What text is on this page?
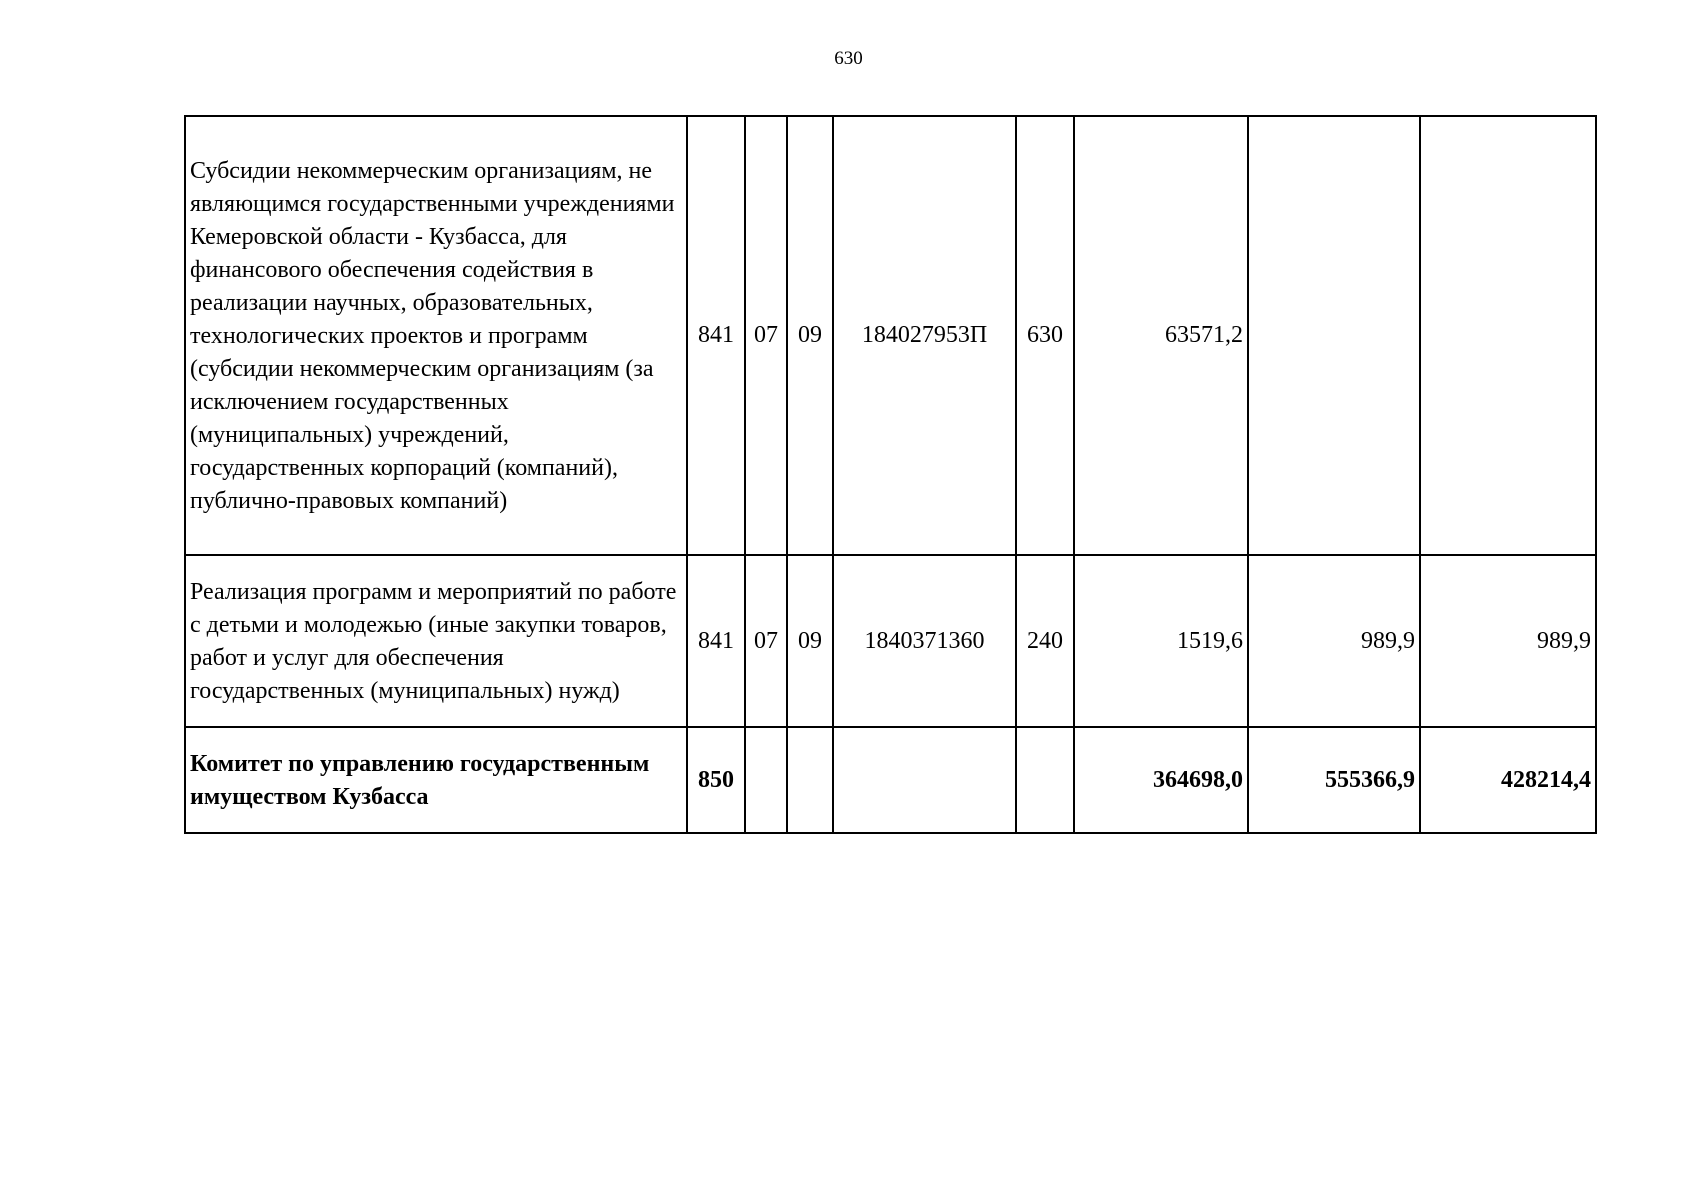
630
Субсидии некоммерческим организациям, не являющимся государственными учреждениями Кемеровской области - Кузбасса, для финансового обеспечения содействия в реализации научных, образовательных, технологических проектов и программ (субсидии некоммерческим организациям (за исключением государственных (муниципальных) учреждений, государственных корпораций (компаний), публично-правовых компаний)	841	07	09	184027953П	630	63571,2		
Реализация программ и мероприятий по работе с детьми и молодежью (иные закупки товаров, работ и услуг для обеспечения государственных (муниципальных) нужд)	841	07	09	1840371360	240	1519,6	989,9	989,9
Комитет по управлению государственным имуществом Кузбасса	850					364698,0	555366,9	428214,4
